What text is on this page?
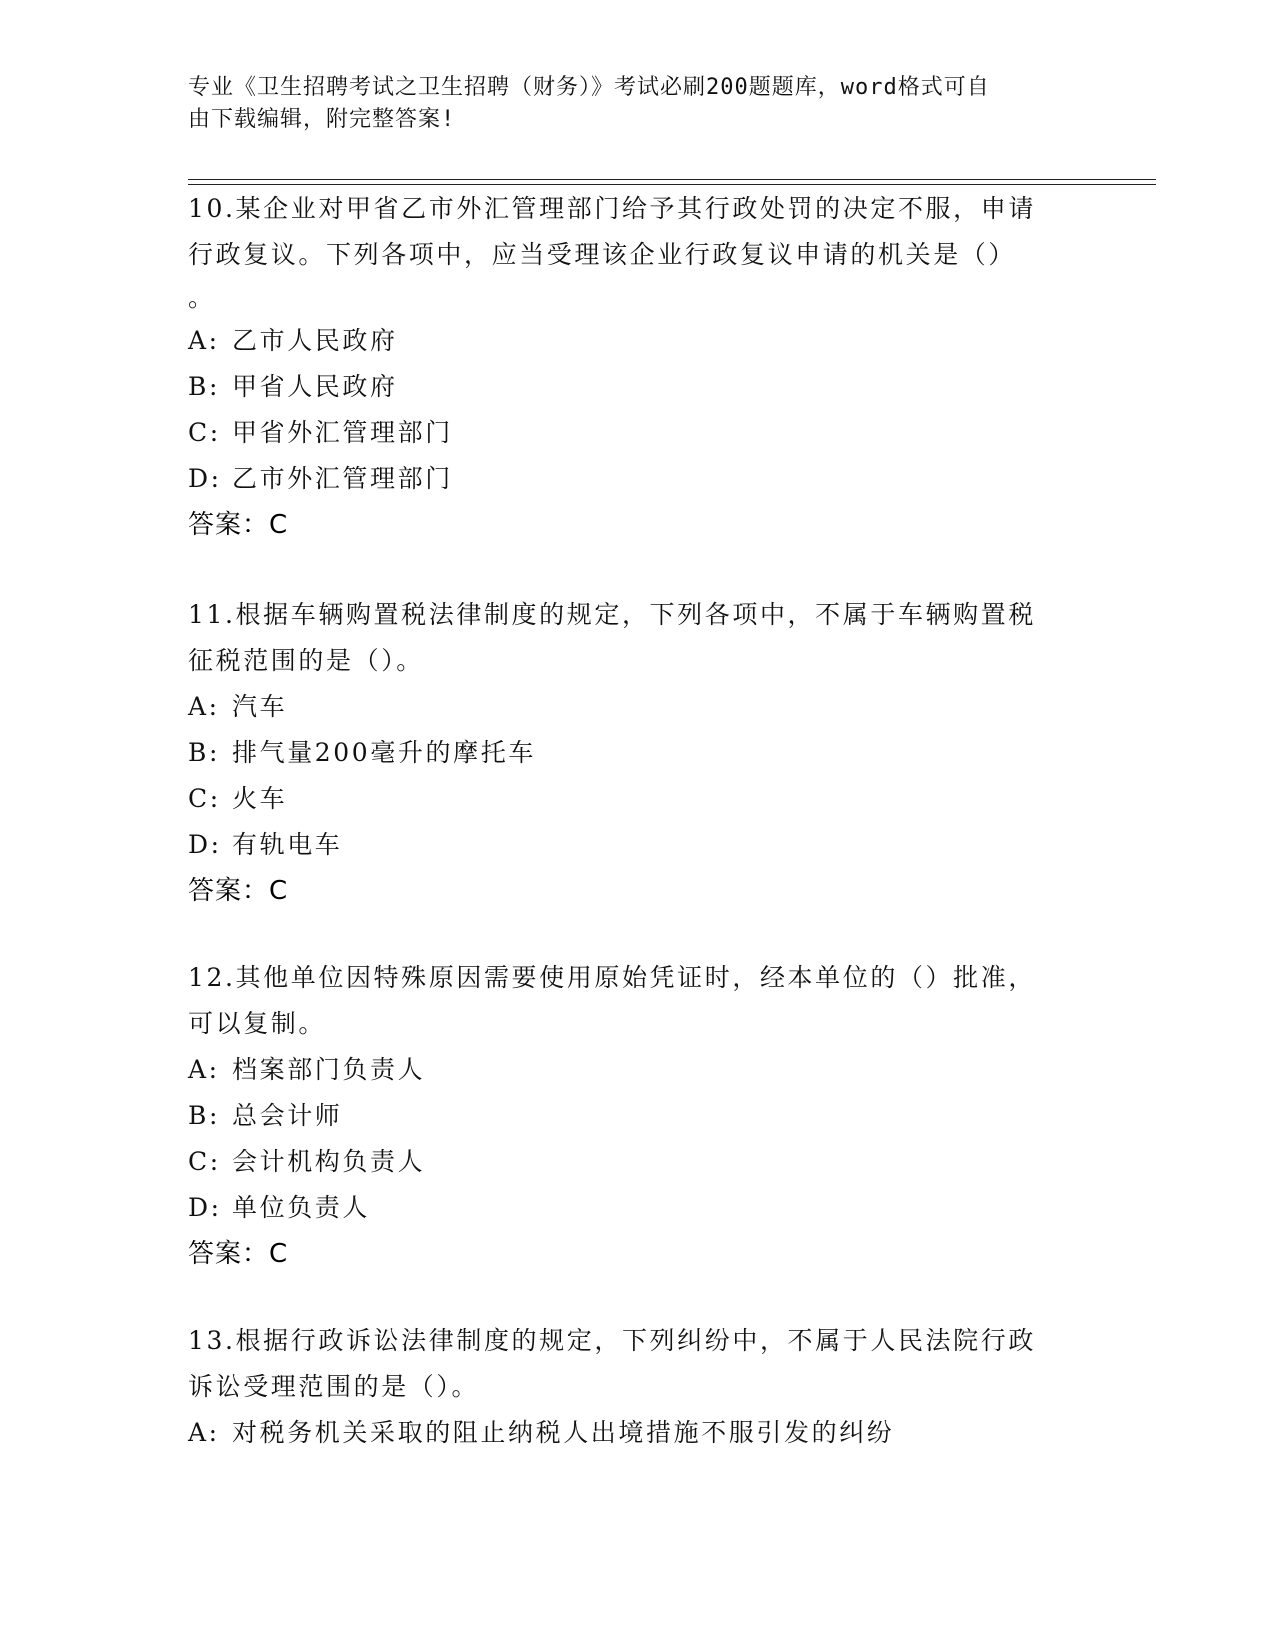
专业《卫生招聘考试之卫生招聘（财务）》考试必刷200题题库，word格式可自
由下载编辑，附完整答案!
10.某企业对甲省乙市外汇管理部门给予其行政处罚的决定不服，申请
行政复议。下列各项中，应当受理该企业行政复议申请的机关是（）
。
A: 乙市人民政府
B: 甲省人民政府
C: 甲省外汇管理部门
D: 乙市外汇管理部门
答案：C
11.根据车辆购置税法律制度的规定，下列各项中，不属于车辆购置税
征税范围的是（）。
A: 汽车
B: 排气量200毫升的摩托车
C: 火车
D: 有轨电车
答案：C
12.其他单位因特殊原因需要使用原始凭证时，经本单位的（）批准，
可以复制。
A: 档案部门负责人
B: 总会计师
C: 会计机构负责人
D: 单位负责人
答案：C
13.根据行政诉讼法律制度的规定，下列纠纷中，不属于人民法院行政
诉讼受理范围的是（）。
A: 对税务机关采取的阻止纳税人出境措施不服引发的纠纷
